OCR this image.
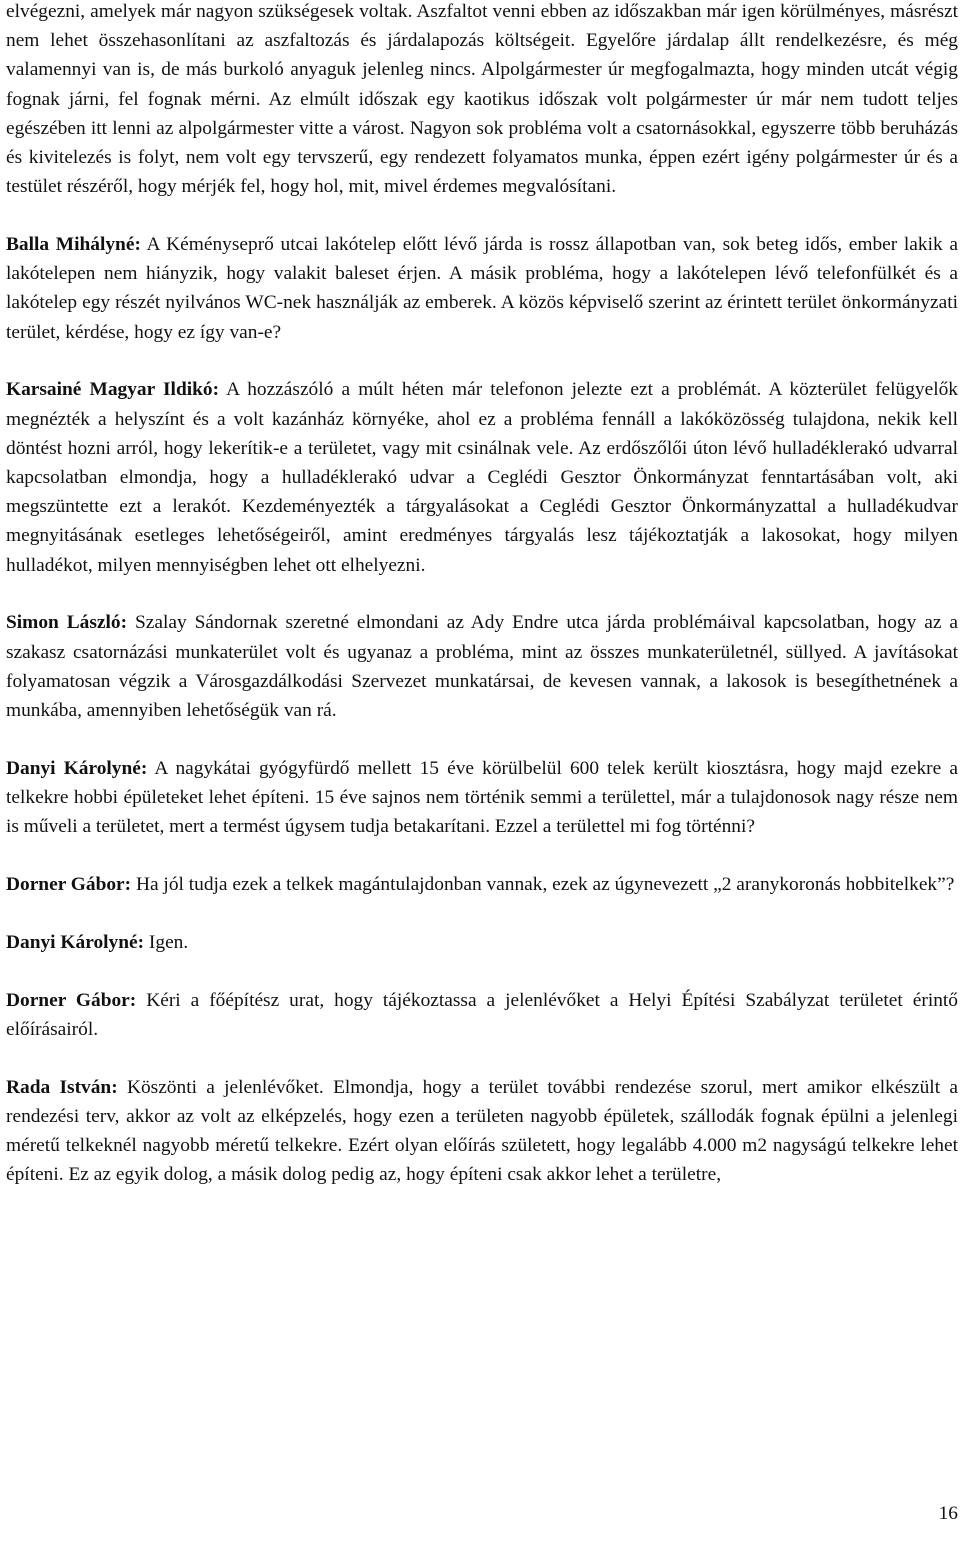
elvégezni, amelyek már nagyon szükségesek voltak. Aszfaltot venni ebben az időszakban már igen körülményes, másrészt nem lehet összehasonlítani az aszfaltozás és járdalapozás költségeit. Egyelőre járdalap állt rendelkezésre, és még valamennyi van is, de más burkoló anyaguk jelenleg nincs. Alpolgármester úr megfogalmazta, hogy minden utcát végig fognak járni, fel fognak mérni. Az elmúlt időszak egy kaotikus időszak volt polgármester úr már nem tudott teljes egészében itt lenni az alpolgármester vitte a várost. Nagyon sok probléma volt a csatornásokkal, egyszerre több beruházás és kivitelezés is folyt, nem volt egy tervszerű, egy rendezett folyamatos munka, éppen ezért igény polgármester úr és a testület részéről, hogy mérjék fel, hogy hol, mit, mivel érdemes megvalósítani.

Balla Mihályné: A Kéményseprő utcai lakótelep előtt lévő járda is rossz állapotban van, sok beteg idős, ember lakik a lakótelepen nem hiányzik, hogy valakit baleset érjen. A másik probléma, hogy a lakótelepen lévő telefonfülkét és a lakótelep egy részét nyilvános WC-nek használják az emberek. A közös képviselő szerint az érintett terület önkormányzati terület, kérdése, hogy ez így van-e?

Karsainé Magyar Ildikó: A hozzászóló a múlt héten már telefonon jelezte ezt a problémát. A közterület felügyelők megnézték a helyszínt és a volt kazánház környéke, ahol ez a probléma fennáll a lakóközösség tulajdona, nekik kell döntést hozni arról, hogy lekerítik-e a területet, vagy mit csinálnak vele. Az erdőszőlői úton lévő hulladéklerakó udvarral kapcsolatban elmondja, hogy a hulladéklerakó udvar a Ceglédi Gesztor Önkormányzat fenntartásában volt, aki megszüntette ezt a lerakót. Kezdeményezték a tárgyalásokat a Ceglédi Gesztor Önkormányzattal a hulladékudvar megnyitásának esetleges lehetőségeiről, amint eredményes tárgyalás lesz tájékoztatják a lakosokat, hogy milyen hulladékot, milyen mennyiségben lehet ott elhelyezni.

Simon László: Szalay Sándornak szeretné elmondani az Ady Endre utca járda problémáival kapcsolatban, hogy az a szakasz csatornázási munkaterület volt és ugyanaz a probléma, mint az összes munkaterületnél, süllyed. A javításokat folyamatosan végzik a Városgazdálkodási Szervezet munkatársai, de kevesen vannak, a lakosok is besegíthetnének a munkába, amennyiben lehetőségük van rá.

Danyi Károlyné: A nagykátai gyógyfürdő mellett 15 éve körülbelül 600 telek került kiosztásra, hogy majd ezekre a telkekre hobbi épületeket lehet építeni. 15 éve sajnos nem történik semmi a területtel, már a tulajdonosok nagy része nem is műveli a területet, mert a termést úgysem tudja betakarítani. Ezzel a területtel mi fog történni?

Dorner Gábor: Ha jól tudja ezek a telkek magántulajdonban vannak, ezek az úgynevezett „2 aranykoronás hobbitelkek”?

Danyi Károlyné: Igen.

Dorner Gábor: Kéri a főépítész urat, hogy tájékoztassa a jelenlévőket a Helyi Építési Szabályzat területet érintő előírásairól.

Rada István: Köszönti a jelenlévőket. Elmondja, hogy a terület további rendezése szorul, mert amikor elkészült a rendezési terv, akkor az volt az elképzelés, hogy ezen a területen nagyobb épületek, szállodák fognak épülni a jelenlegi méretű telkeknél nagyobb méretű telkekre. Ezért olyan előírás született, hogy legalább 4.000 m2 nagyságú telkekre lehet építeni. Ez az egyik dolog, a másik dolog pedig az, hogy építeni csak akkor lehet a területre,

16
